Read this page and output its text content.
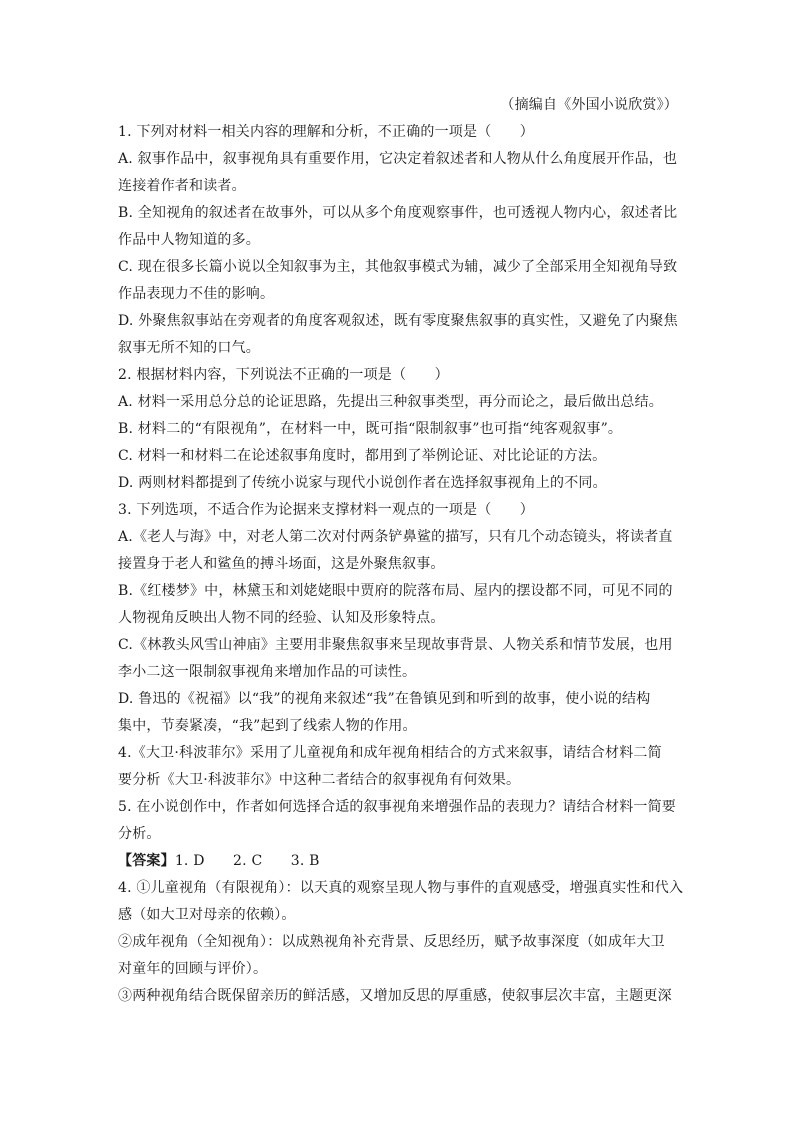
（摘编自《外国小说欣赏》）
1. 下列对材料一相关内容的理解和分析，不正确的一项是（　　）
A. 叙事作品中，叙事视角具有重要作用，它决定着叙述者和人物从什么角度展开作品，也
连接着作者和读者。
B. 全知视角的叙述者在故事外，可以从多个角度观察事件，也可透视人物内心，叙述者比
作品中人物知道的多。
C. 现在很多长篇小说以全知叙事为主，其他叙事模式为辅，减少了全部采用全知视角导致
作品表现力不佳的影响。
D. 外聚焦叙事站在旁观者的角度客观叙述，既有零度聚焦叙事的真实性，又避免了内聚焦
叙事无所不知的口气。
2. 根据材料内容，下列说法不正确的一项是（　　）
A. 材料一采用总分总的论证思路，先提出三种叙事类型，再分而论之，最后做出总结。
B. 材料二的“有限视角”，在材料一中，既可指“限制叙事”也可指“纯客观叙事”。
C. 材料一和材料二在论述叙事角度时，都用到了举例论证、对比论证的方法。
D. 两则材料都提到了传统小说家与现代小说创作者在选择叙事视角上的不同。
3. 下列选项，不适合作为论据来支撑材料一观点的一项是（　　）
A.《老人与海》中，对老人第二次对付两条铲鼻鲨的描写，只有几个动态镜头，将读者直
接置身于老人和鲨鱼的搏斗场面，这是外聚焦叙事。
B.《红楼梦》中，林黛玉和刘姥姥眼中贾府的院落布局、屋内的摆设都不同，可见不同的
人物视角反映出人物不同的经验、认知及形象特点。
C.《林教头风雪山神庙》主要用非聚焦叙事来呈现故事背景、人物关系和情节发展，也用
李小二这一限制叙事视角来增加作品的可读性。
D. 鲁迅的《祝福》以“我”的视角来叙述“我”在鲁镇见到和听到的故事，使小说的结构
集中，节奏紧凑，“我”起到了线索人物的作用。
4.《大卫·科波菲尔》采用了儿童视角和成年视角相结合的方式来叙事，请结合材料二简
要分析《大卫·科波菲尔》中这种二者结合的叙事视角有何效果。
5. 在小说创作中，作者如何选择合适的叙事视角来增强作品的表现力？请结合材料一简要
分析。
【答案】1. D　　2. C　　3. B
4. ①儿童视角（有限视角）：以天真的观察呈现人物与事件的直观感受，增强真实性和代入
感（如大卫对母亲的依赖）。
②成年视角（全知视角）：以成熟视角补充背景、反思经历，赋予故事深度（如成年大卫
对童年的回顾与评价）。
③两种视角结合既保留亲历的鲜活感，又增加反思的厚重感，使叙事层次丰富，主题更深
